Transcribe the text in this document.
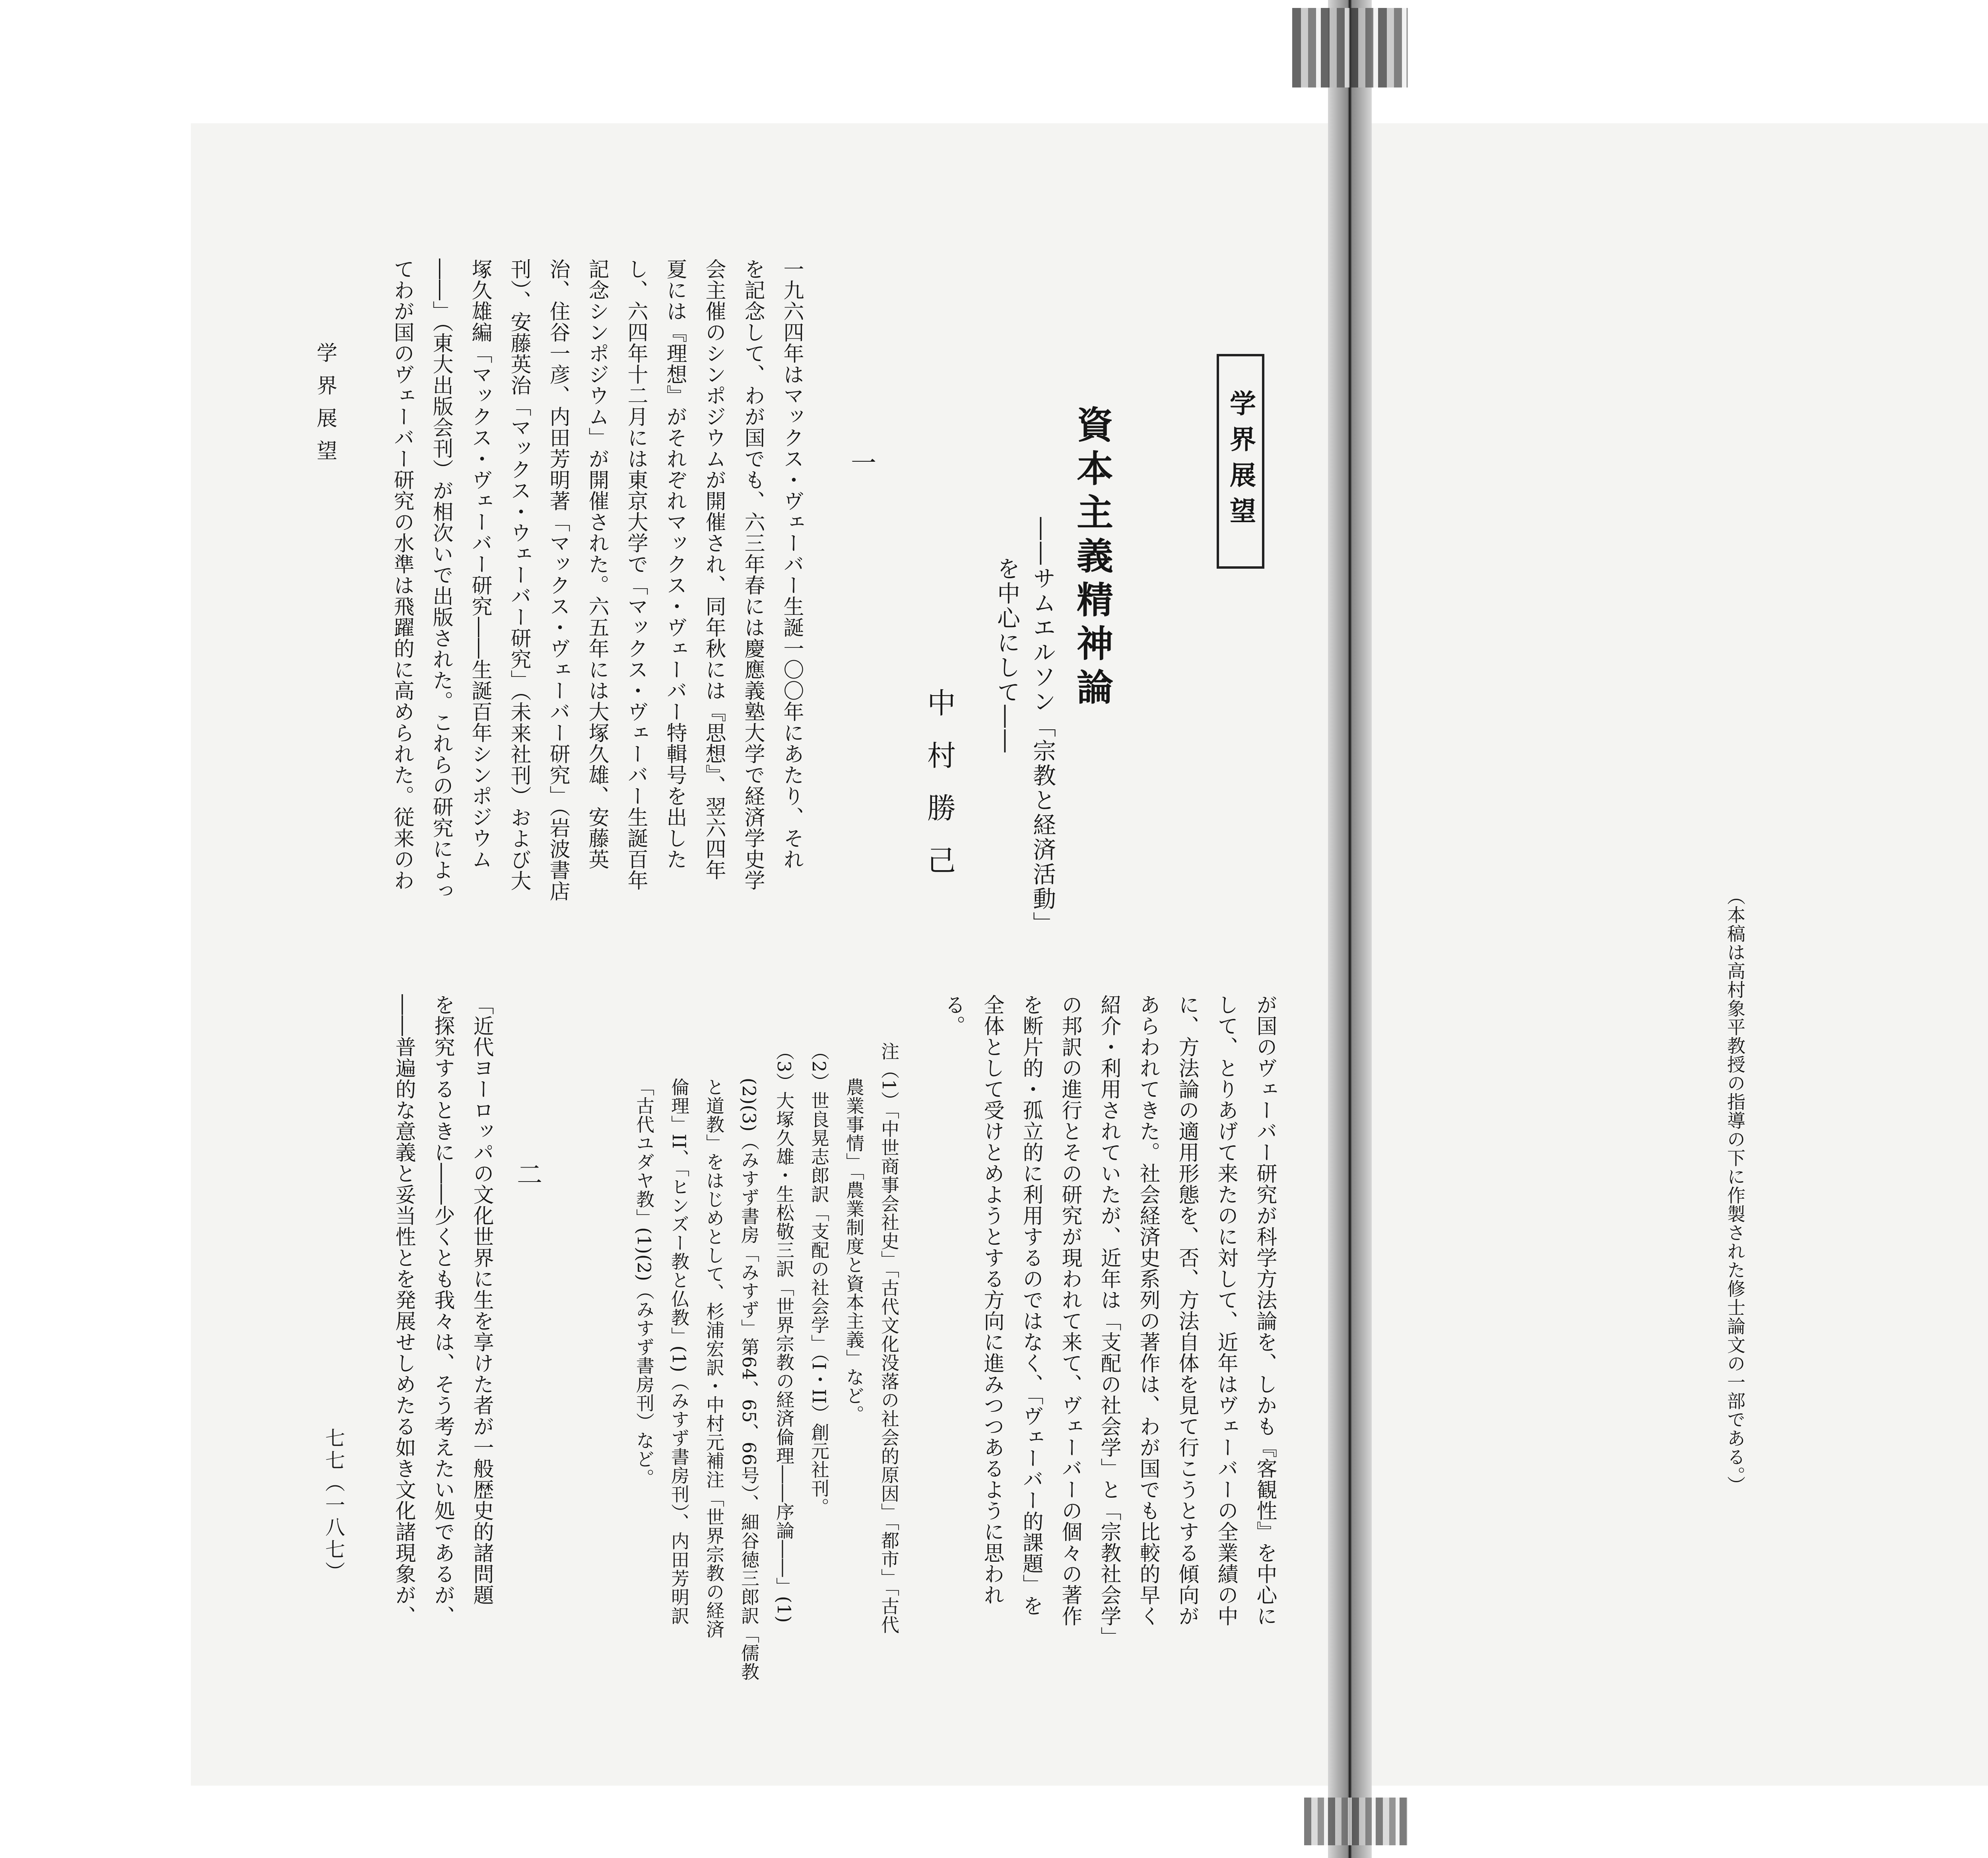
（本稿は高村象平教授の指導の下に作製された修士論文の一部である。）
学界展望
資本主義精神論
――サムエルソン「宗教と経済活動」
を中心にして――
中村勝己
一

一九六四年はマックス・ヴェーバー生誕一〇〇年にあたり、それ

を記念して、わが国でも、六三年春には慶應義塾大学で経済学史学

会主催のシンポジウムが開催され、同年秋には『思想』、翌六四年

夏には『理想』がそれぞれマックス・ヴェーバー特輯号を出した

し、六四年十二月には東京大学で「マックス・ヴェーバー生誕百年

記念シンポジウム」が開催された。六五年には大塚久雄、安藤英

治、住谷一彦、内田芳明著「マックス・ヴェーバー研究」（岩波書店

刊）、安藤英治「マックス・ウェーバー研究」（未来社刊）および大

塚久雄編「マックス・ヴェーバー研究――生誕百年シンポジウム

――」（東大出版会刊）が相次いで出版された。これらの研究によっ

てわが国のヴェーバー研究の水準は飛躍的に高められた。従来のわ

が国のヴェーバー研究が科学方法論を、しかも『客観性』を中心に

して、とりあげて来たのに対して、近年はヴェーバーの全業績の中

に、方法論の適用形態を、否、方法自体を見て行こうとする傾向が

あらわれてきた。社会経済史系列の著作は、わが国でも比較的早く

紹介・利用されていたが、近年は「支配の社会学」と「宗教社会学」

の邦訳の進行とその研究が現われて来て、ヴェーバーの個々の著作

を断片的・孤立的に利用するのではなく、「ヴェーバー的課題」を

全体として受けとめようとする方向に進みつつあるように思われ

る。

注（1）「中世商事会社史」「古代文化没落の社会的原因」「都市」「古代

農業事情」「農業制度と資本主義」など。

（2）世良晃志郎訳「支配の社会学」（I・II）創元社刊。

（3）大塚久雄・生松敬三訳「世界宗教の経済倫理――序論――」(1)

(2)(3)（みすず書房「みすず」第64、65、66号）、細谷徳三郎訳「儒教

と道教」をはじめとして、杉浦宏訳・中村元補注「世界宗教の経済

倫理」II、「ヒンズー教と仏教」(1)（みすず書房刊）、内田芳明訳

「古代ユダヤ教」(1)(2)（みすず書房刊）など。

二

「近代ヨーロッパの文化世界に生を享けた者が一般歴史的諸問題

を探究するときに――少くとも我々は、そう考えたい処であるが、

――普遍的な意義と妥当性とを発展せしめたる如き文化諸現象が、

学界展望
七七（一八七）
